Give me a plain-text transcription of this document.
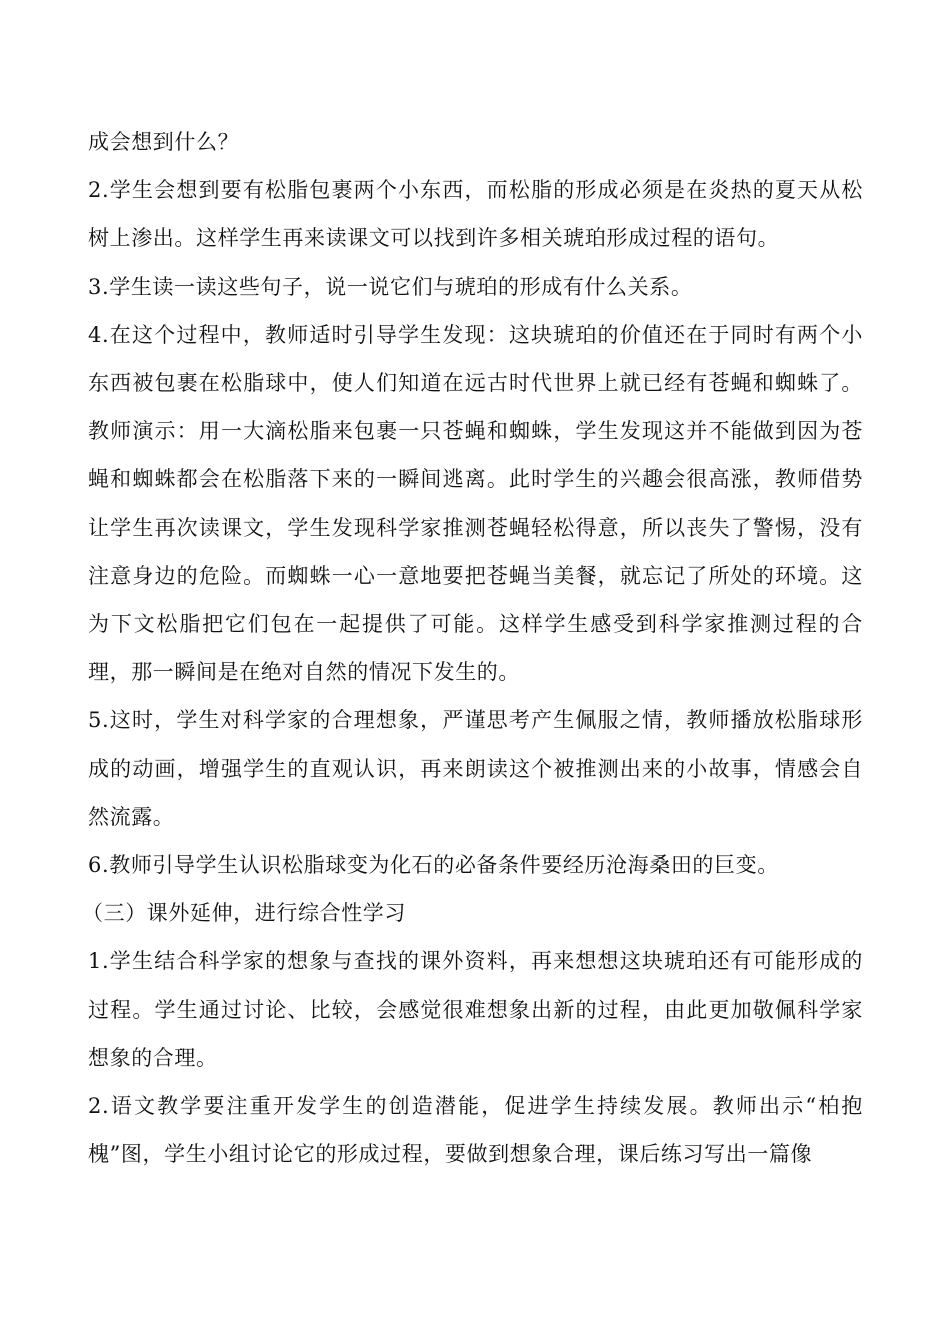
成会想到什么？

2.学生会想到要有松脂包裹两个小东西，而松脂的形成必须是在炎热的夏天从松树上渗出。这样学生再来读课文可以找到许多相关琥珀形成过程的语句。

3.学生读一读这些句子，说一说它们与琥珀的形成有什么关系。

4.在这个过程中，教师适时引导学生发现：这块琥珀的价值还在于同时有两个小东西被包裹在松脂球中，使人们知道在远古时代世界上就已经有苍蝇和蜘蛛了。教师演示：用一大滴松脂来包裹一只苍蝇和蜘蛛，学生发现这并不能做到因为苍蝇和蜘蛛都会在松脂落下来的一瞬间逃离。此时学生的兴趣会很高涨，教师借势让学生再次读课文，学生发现科学家推测苍蝇轻松得意，所以丧失了警惕，没有注意身边的危险。而蜘蛛一心一意地要把苍蝇当美餐，就忘记了所处的环境。这为下文松脂把它们包在一起提供了可能。这样学生感受到科学家推测过程的合理，那一瞬间是在绝对自然的情况下发生的。

5.这时，学生对科学家的合理想象，严谨思考产生佩服之情，教师播放松脂球形成的动画，增强学生的直观认识，再来朗读这个被推测出来的小故事，情感会自然流露。

6.教师引导学生认识松脂球变为化石的必备条件要经历沧海桑田的巨变。

（三）课外延伸，进行综合性学习

1.学生结合科学家的想象与查找的课外资料，再来想想这块琥珀还有可能形成的过程。学生通过讨论、比较，会感觉很难想象出新的过程，由此更加敬佩科学家想象的合理。

2.语文教学要注重开发学生的创造潜能，促进学生持续发展。教师出示“柏抱槐”图，学生小组讨论它的形成过程，要做到想象合理，课后练习写出一篇像
